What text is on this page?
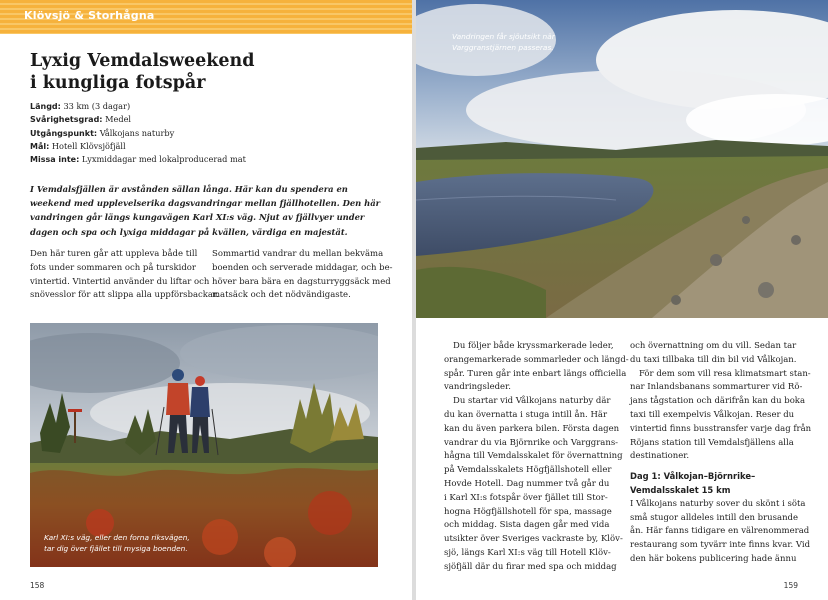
Klövsjö & Storhågna
Lyxig Vemdalsweekend
i kungliga fotspår
Längd: 33 km (3 dagar)
Svårighetsgrad: Medel
Utgångspunkt: Vålkojans naturby
Mål: Hotell Klövsjöfjäll
Missa inte: Lyxmiddagar med lokalproducerad mat
I Vemdalsfjällen är avstånden sällan långa. Här kan du spendera en
weekend med upplevelserika dagsvandringar mellan fjällhotellen. Den här
vandringen går längs kungavägen Karl XI:s väg. Njut av fjällvyer under
dagen och spa och lyxiga middagar på kvällen, värdiga en majestät.
Den här turen går att uppleva både till
fots under sommaren och på turskidor
vintertid. Vintertid använder du liftar och
snövesslor för att slippa alla uppförsbackar.
Sommartid vandrar du mellan bekväma
boenden och serverade middagar, och be-
höver bara bära en dagsturryggsäck med
matsäck och det nödvändigaste.
Karl XI:s väg, eller den forna riksvägen,
tar dig över fjället till mysiga boenden.
158
Vandringen får sjöutsikt när
Varggranstjärnen passeras.
Du följer både kryssmarkerade leder,
orangemarkerade sommarleder och längd-
spår. Turen går inte enbart längs officiella
vandringsleder.
Du startar vid Vålkojans naturby där
du kan övernatta i stuga intill ån. Här
kan du även parkera bilen. Första dagen
vandrar du via Björnrike och Varggrans-
hågna till Vemdalsskalet för övernattning
på Vemdalsskalets Högfjällshotell eller
Hovde Hotell. Dag nummer två går du
i Karl XI:s fotspår över fjället till Stor-
hogna Högfjällshotell för spa, massage
och middag. Sista dagen går med vida
utsikter över Sveriges vackraste by, Klöv-
sjö, längs Karl XI:s väg till Hotell Klöv-
sjöfjäll där du firar med spa och middag
och övernattning om du vill. Sedan tar
du taxi tillbaka till din bil vid Vålkojan.
För dem som vill resa klimatsmart stan-
nar Inlandsbanans sommarturer vid Rö-
jans tågstation och därifrån kan du boka
taxi till exempelvis Vålkojan. Reser du
vintertid finns busstransfer varje dag från
Röjans station till Vemdalsfjällens alla
destinationer.
Dag 1: Vålkojan–Björnrike–
Vemdalsskalet 15 km
I Vålkojans naturby sover du skönt i söta
små stugor alldeles intill den brusande
ån. Här fanns tidigare en välrenommerad
restaurang som tyvärr inte finns kvar. Vid
den här bokens publicering hade ännu
159
